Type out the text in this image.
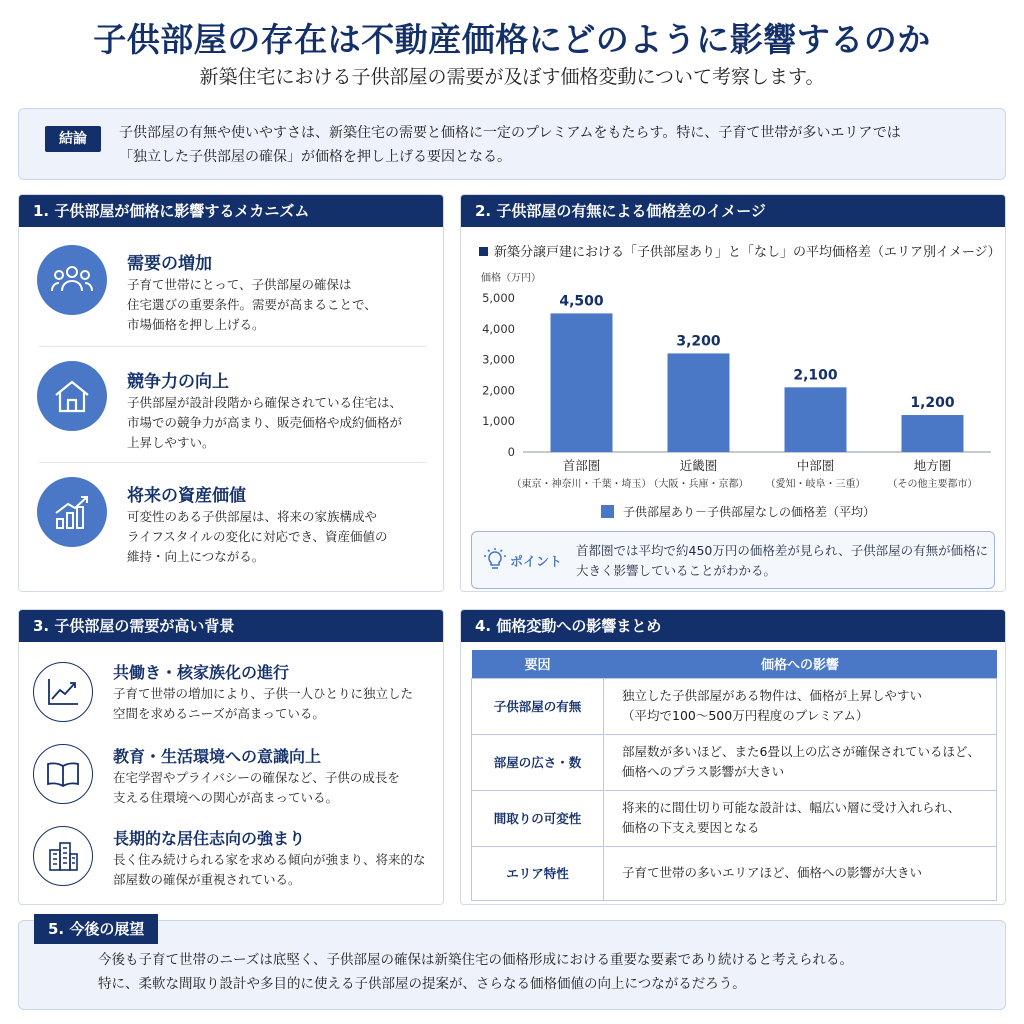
子供部屋の存在は不動産価格にどのように影響するのか
新築住宅における子供部屋の需要が及ぼす価格変動について考察します。
結論	子供部屋の有無や使いやすさは、新築住宅の需要と価格に一定のプレミアムをもたらす。特に、子育て世帯が多いエリアでは
「独立した子供部屋の確保」が価格を押し上げる要因となる。
1. 子供部屋が価格に影響するメカニズム
需要の増加
子育て世帯にとって、子供部屋の確保は
住宅選びの重要条件。需要が高まることで、
市場価格を押し上げる。
競争力の向上
子供部屋が設計段階から確保されている住宅は、
市場での競争力が高まり、販売価格や成約価格が
上昇しやすい。
将来の資産価値
可変性のある子供部屋は、将来の家族構成や
ライフスタイルの変化に対応でき、資産価値の
維持・向上につながる。
2. 子供部屋の有無による価格差のイメージ
新築分譲戸建における「子供部屋あり」と「なし」の平均価格差（エリア別イメージ）
価格（万円）
0
1,000
2,000
3,000
4,000
5,000	4,500
首部圏
（東京・神奈川・千葉・埼玉）
3,200
近畿圏
（大阪・兵庫・京都）
2,100
中部圏
（愛知・岐阜・三重）
1,200
地方圏
（その他主要都市）
子供部屋あり－子供部屋なしの価格差（平均）
ポイント
首都圏では平均で約450万円の価格差が見られ、子供部屋の有無が価格に
大きく影響していることがわかる。
3. 子供部屋の需要が高い背景
共働き・核家族化の進行
子育て世帯の増加により、子供一人ひとりに独立した
空間を求めるニーズが高まっている。
教育・生活環境への意識向上
在宅学習やプライバシーの確保など、子供の成長を
支える住環境への関心が高まっている。
長期的な居住志向の強まり
長く住み続けられる家を求める傾向が強まり、将来的な
部屋数の確保が重視されている。
4. 価格変動への影響まとめ
要因	価格への影響
子供部屋の有無	独立した子供部屋がある物件は、価格が上昇しやすい
（平均で100〜500万円程度のプレミアム）

部屋の広さ・数	部屋数が多いほど、また6畳以上の広さが確保されているほど、
価格へのプラス影響が大きい

間取りの可変性	将来的に間仕切り可能な設計は、幅広い層に受け入れられ、
価格の下支え要因となる

エリア特性	子育て世帯の多いエリアほど、価格への影響が大きい
5. 今後の展望
今後も子育て世帯のニーズは底堅く、子供部屋の確保は新築住宅の価格形成における重要な要素であり続けると考えられる。
特に、柔軟な間取り設計や多目的に使える子供部屋の提案が、さらなる価格価値の向上につながるだろう。
